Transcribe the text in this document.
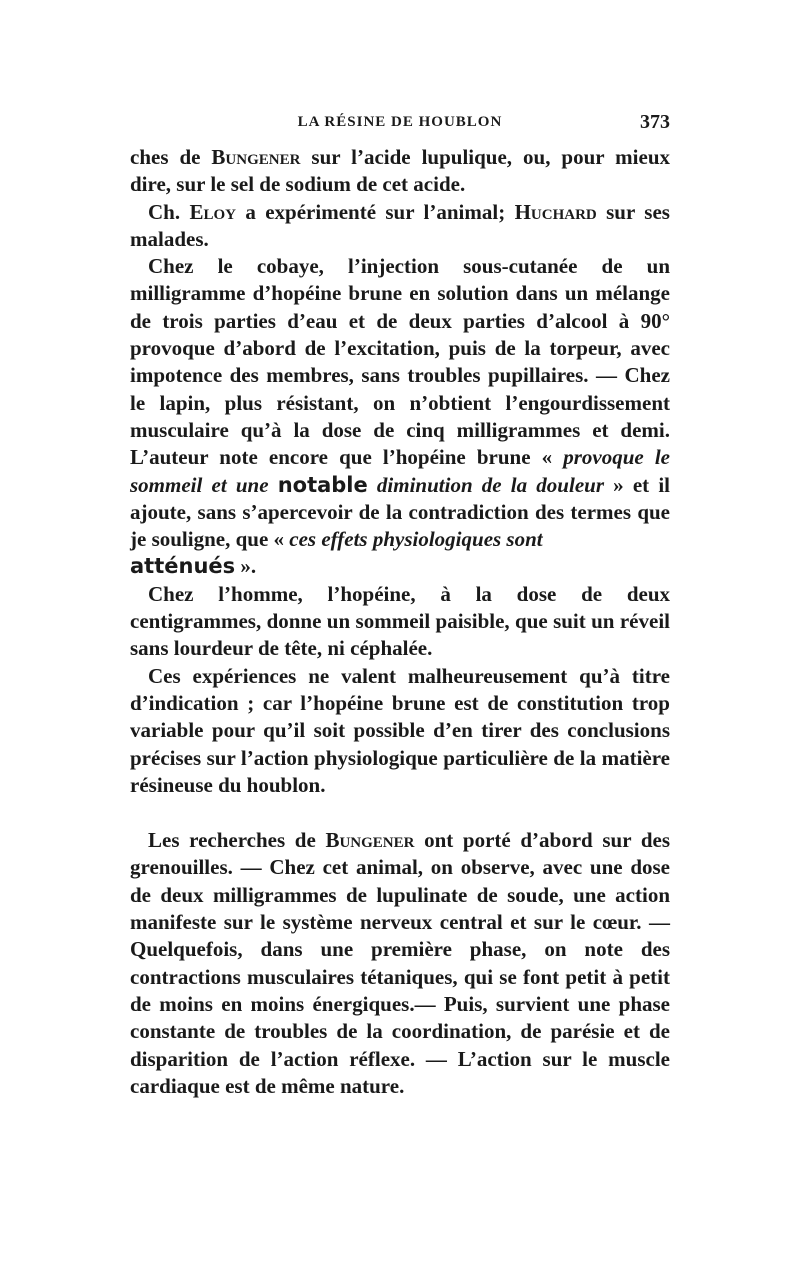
LA RÉSINE DE HOUBLON	373

ches de Bungener sur l’acide lupulique, ou, pour mieux dire, sur le sel de sodium de cet acide.

Ch. Eloy a expérimenté sur l’animal; Huchard sur ses malades.

Chez le cobaye, l’injection sous-cutanée de un milligramme d’hopéine brune en solution dans un mélange de trois parties d’eau et de deux parties d’alcool à 90° provoque d’abord de l’excitation, puis de la torpeur, avec impotence des membres, sans troubles pupillaires. — Chez le lapin, plus résistant, on n’obtient l’engourdissement musculaire qu’à la dose de cinq milligrammes et demi. L’auteur note encore que l’hopéine brune « provoque le sommeil et une notable diminution de la douleur » et il ajoute, sans s’apercevoir de la contradiction des termes que je souligne, que « ces effets physiologiques sont
atténués ».

Chez l’homme, l’hopéine, à la dose de deux centigrammes, donne un sommeil paisible, que suit un réveil sans lourdeur de tête, ni céphalée.

Ces expériences ne valent malheureusement qu’à titre d’indication ; car l’hopéine brune est de constitution trop variable pour qu’il soit possible d’en tirer des conclusions précises sur l’action physiologique particulière de la matière résineuse du houblon.

Les recherches de Bungener ont porté d’abord sur des grenouilles. — Chez cet animal, on observe, avec une dose de deux milligrammes de lupulinate de soude, une action manifeste sur le système nerveux central et sur le cœur. — Quelquefois, dans une première phase, on note des contractions musculaires tétaniques, qui se font petit à petit de moins en moins énergiques.— Puis, survient une phase constante de troubles de la coordination, de parésie et de disparition de l’action réflexe. — L’action sur le muscle cardiaque est de même nature.
